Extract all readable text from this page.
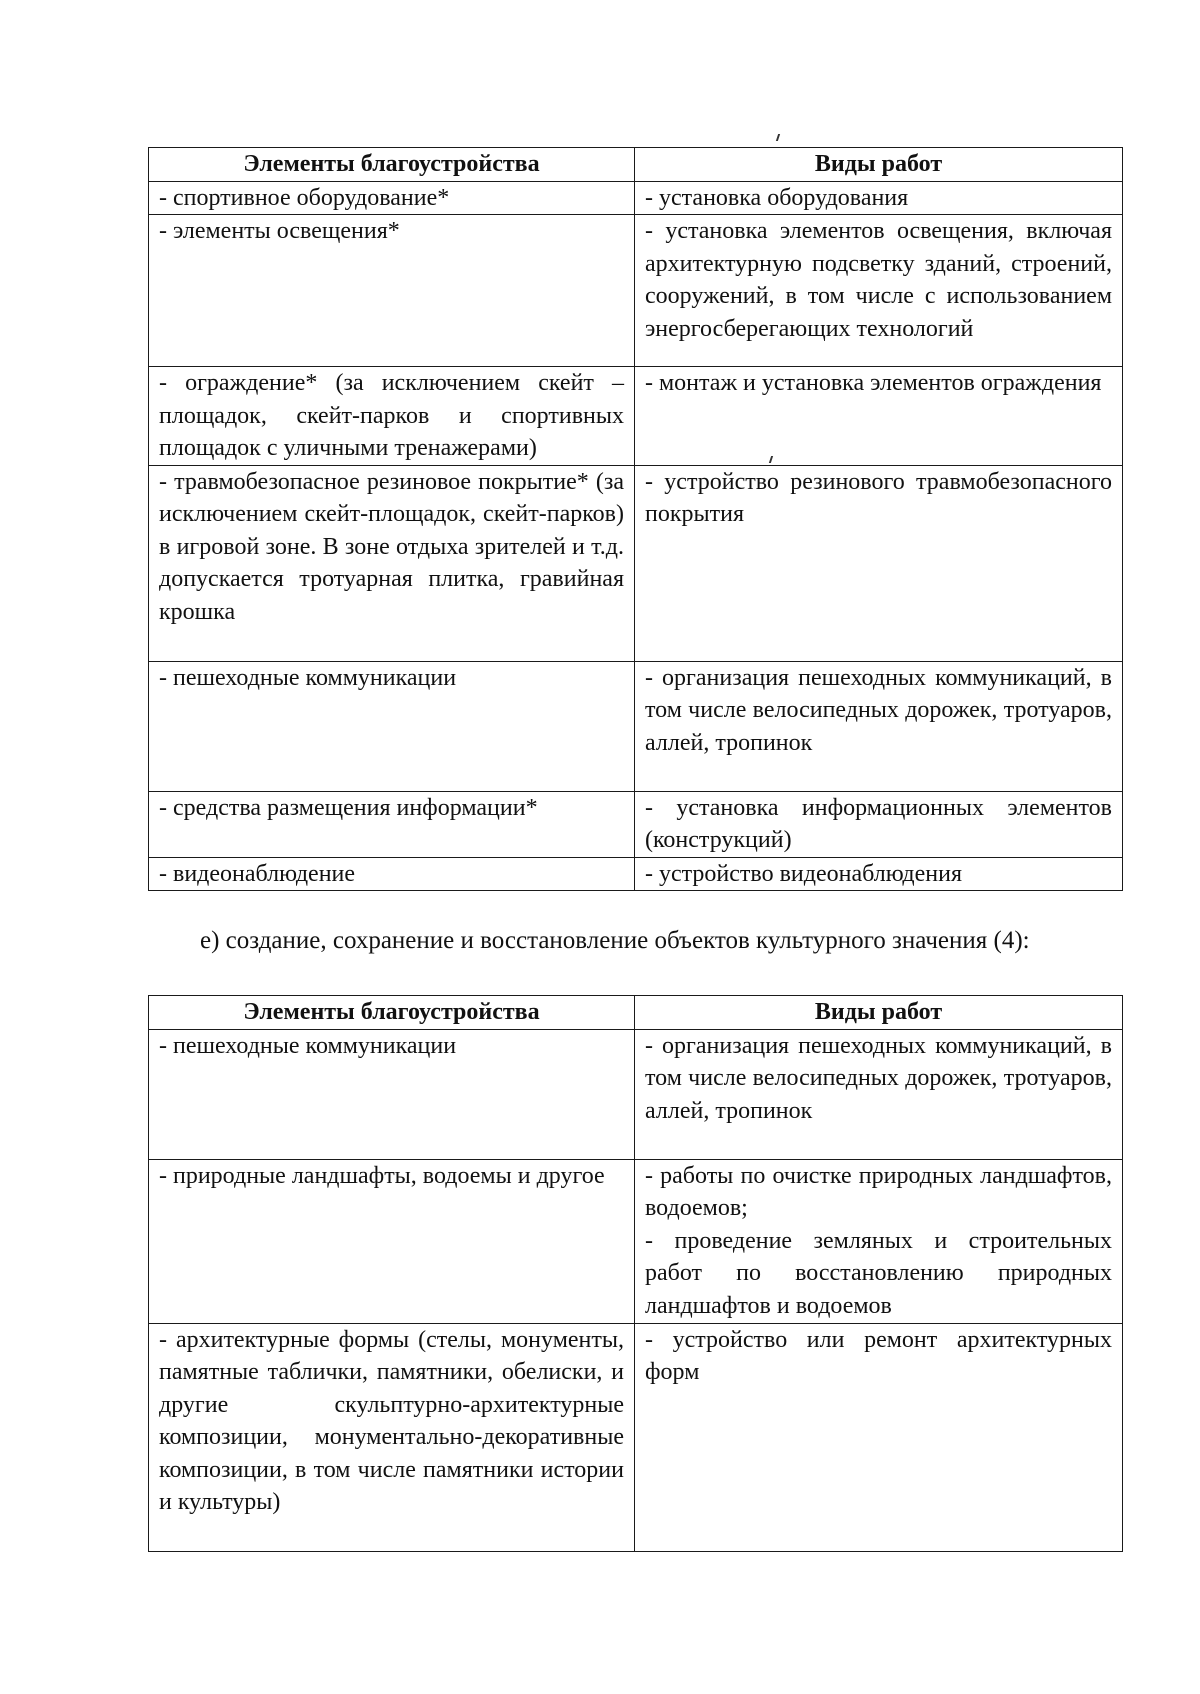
Элементы благоустройства	Виды работ
- спортивное оборудование*	- установка оборудования
- элементы освещения*	- установка элементов освещения, включая архитектурную подсветку зданий, строений, сооружений, в том числе с использованием энергосберегающих технологий
- ограждение* (за исключением скейт – площадок, скейт-парков и спортивных площадок с уличными тренажерами)	- монтаж и установка элементов ограждения
- травмобезопасное резиновое покрытие* (за исключением скейт-площадок, скейт-парков) в игровой зоне. В зоне отдыха зрителей и т.д. допускается тротуарная плитка, гравийная крошка	- устройство резинового травмобезопасного покрытия
- пешеходные коммуникации	- организация пешеходных коммуникаций, в том числе велосипедных дорожек, тротуаров, аллей, тропинок
- средства размещения информации*	- установка информационных элементов (конструкций)
- видеонаблюдение	- устройство видеонаблюдения
е) создание, сохранение и восстановление объектов культурного значения (4):
Элементы благоустройства	Виды работ
- пешеходные коммуникации	- организация пешеходных коммуникаций, в том числе велосипедных дорожек, тротуаров, аллей, тропинок
- природные ландшафты, водоемы и другое	- работы по очистке природных ландшафтов, водоемов;
- проведение земляных и строительных работ по восстановлению природных ландшафтов и водоемов

- архитектурные формы (стелы, монументы, памятные таблички, памятники, обелиски, и другие скульптурно-архитектурные композиции, монументально-декоративные композиции, в том числе памятники истории и культуры)	- устройство или ремонт архитектурных форм
